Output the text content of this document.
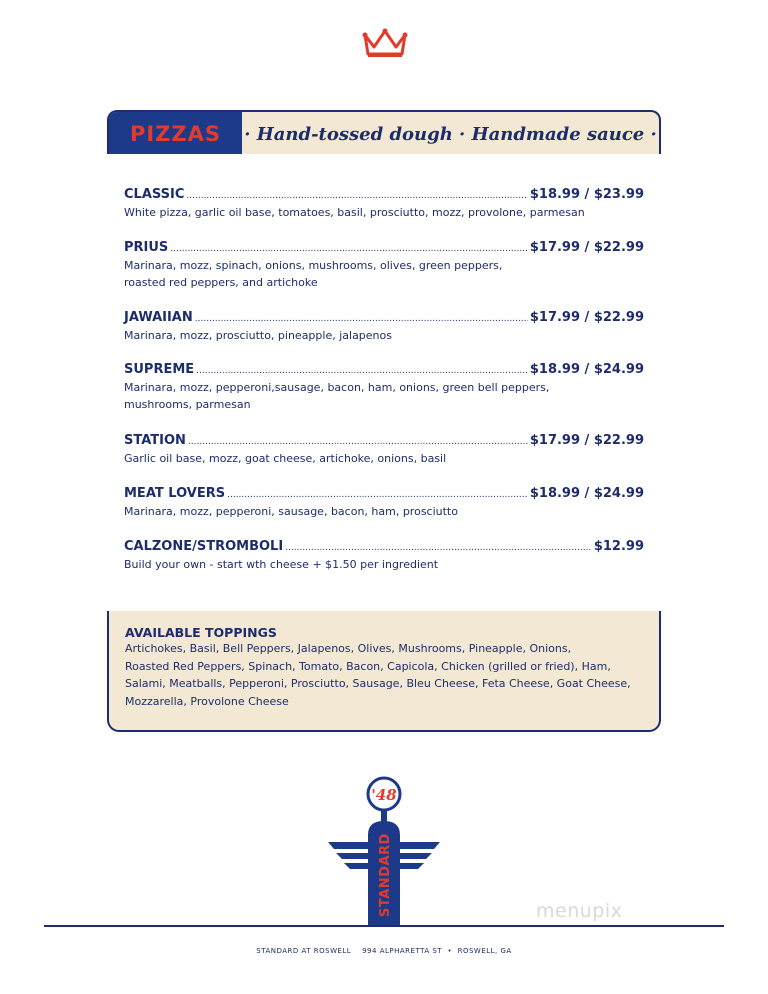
PIZZAS · Hand-tossed dough · Handmade sauce ·
CLASSIC .....	$18.99 / $23.99
White pizza, garlic oil base, tomatoes, basil, prosciutto, mozz, provolone, parmesan
PRIUS .....	$17.99 / $22.99
Marinara, mozz, spinach, onions, mushrooms, olives, green peppers,
roasted red peppers, and artichoke
JAWAIIAN .....	$17.99 / $22.99
Marinara, mozz, prosciutto, pineapple, jalapenos
SUPREME .....	$18.99 / $24.99
Marinara, mozz, pepperoni,sausage, bacon, ham, onions, green bell peppers,
mushrooms, parmesan
STATION .....	$17.99 / $22.99
Garlic oil base, mozz, goat cheese, artichoke, onions, basil
MEAT LOVERS .....	$18.99 / $24.99
Marinara, mozz, pepperoni, sausage, bacon, ham, prosciutto
CALZONE/STROMBOLI .....	$12.99
Build your own - start wth cheese + $1.50 per ingredient
AVAILABLE TOPPINGS
Artichokes, Basil, Bell Peppers, Jalapenos, Olives, Mushrooms, Pineapple, Onions,
Roasted Red Peppers, Spinach, Tomato, Bacon, Capicola, Chicken (grilled or fried), Ham,
Salami, Meatballs, Pepperoni, Prosciutto, Sausage, Bleu Cheese, Feta Cheese, Goat Cheese,
Mozzarella, Provolone Cheese
'48
STANDARD	menupix
STANDARD AT ROSWELL    994 ALPHARETTA ST  •  ROSWELL, GA
